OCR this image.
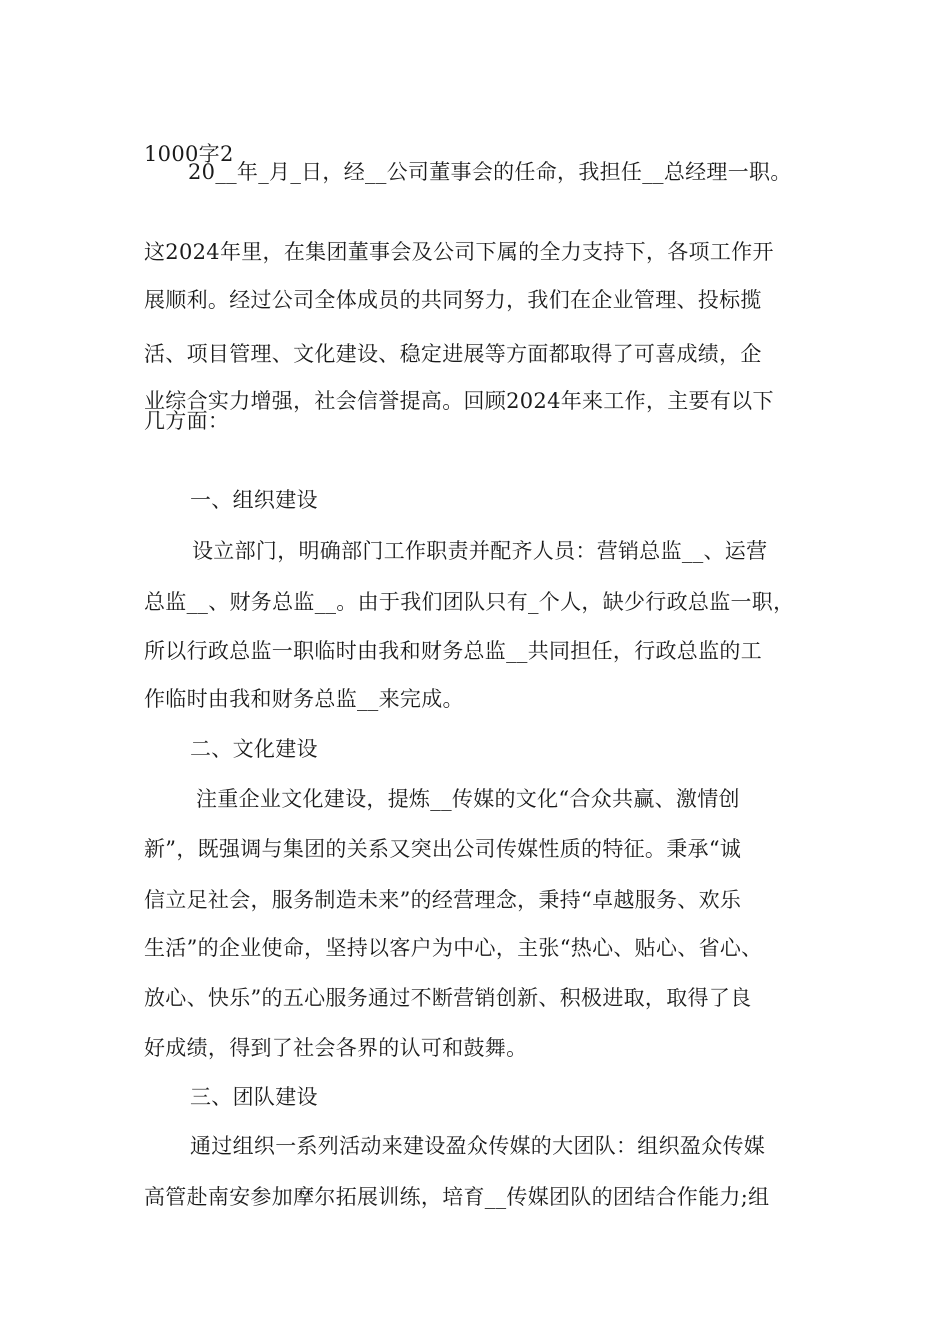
1000字2
20__年_月_日，经__公司董事会的任命，我担任__总经理一职。
这2024年里，在集团董事会及公司下属的全力支持下，各项工作开
展顺利。经过公司全体成员的共同努力，我们在企业管理、投标揽
活、项目管理、文化建设、稳定进展等方面都取得了可喜成绩，企
业综合实力增强，社会信誉提高。回顾2024年来工作，主要有以下
几方面：
一、组织建设
设立部门，明确部门工作职责并配齐人员：营销总监__、运营
总监__、财务总监__。由于我们团队只有_个人，缺少行政总监一职，
所以行政总监一职临时由我和财务总监__共同担任，行政总监的工
作临时由我和财务总监__来完成。
二、文化建设
注重企业文化建设，提炼__传媒的文化“合众共赢、激情创
新”，既强调与集团的关系又突出公司传媒性质的特征。秉承“诚
信立足社会，服务制造未来”的经营理念，秉持“卓越服务、欢乐
生活”的企业使命，坚持以客户为中心，主张“热心、贴心、省心、
放心、快乐”的五心服务通过不断营销创新、积极进取，取得了良
好成绩，得到了社会各界的认可和鼓舞。
三、团队建设
通过组织一系列活动来建设盈众传媒的大团队：组织盈众传媒
高管赴南安参加摩尔拓展训练，培育__传媒团队的团结合作能力;组
